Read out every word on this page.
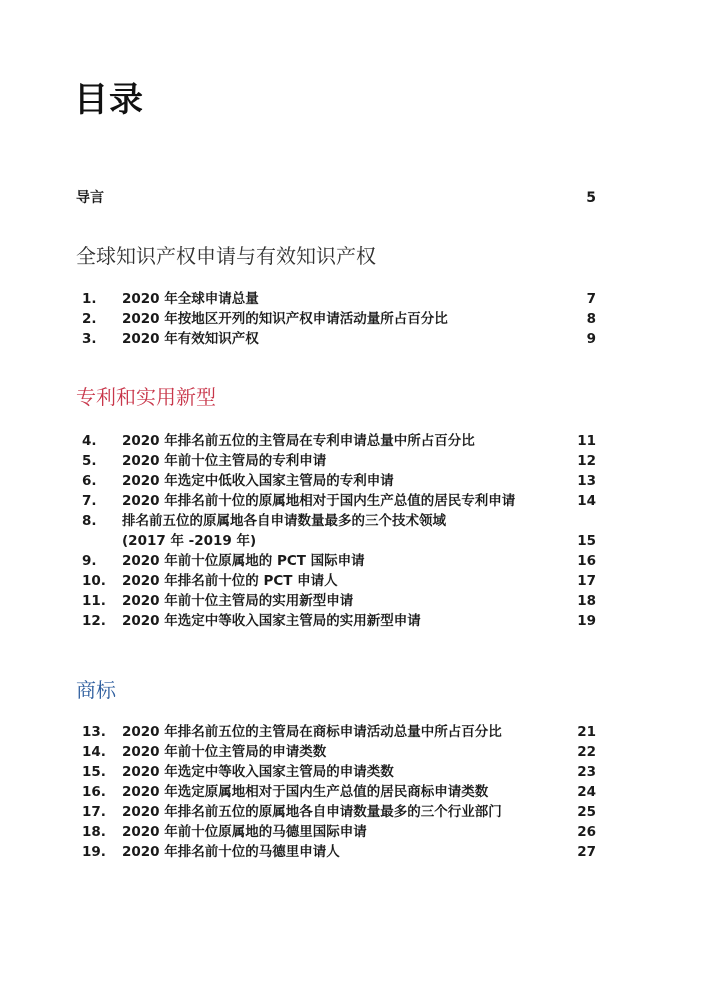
目录
导言	5
全球知识产权申请与有效知识产权
1.	2020 年全球申请总量	7
2.	2020 年按地区开列的知识产权申请活动量所占百分比	8
3.	2020 年有效知识产权	9
专利和实用新型
4.	2020 年排名前五位的主管局在专利申请总量中所占百分比	11
5.	2020 年前十位主管局的专利申请	12
6.	2020 年选定中低收入国家主管局的专利申请	13
7.	2020 年排名前十位的原属地相对于国内生产总值的居民专利申请	14
8.	排名前五位的原属地各自申请数量最多的三个技术领域
(2017 年 -2019 年)	15
9.	2020 年前十位原属地的 PCT 国际申请	16
10.	2020 年排名前十位的 PCT 申请人	17
11.	2020 年前十位主管局的实用新型申请	18
12.	2020 年选定中等收入国家主管局的实用新型申请	19
商标
13.	2020 年排名前五位的主管局在商标申请活动总量中所占百分比	21
14.	2020 年前十位主管局的申请类数	22
15.	2020 年选定中等收入国家主管局的申请类数	23
16.	2020 年选定原属地相对于国内生产总值的居民商标申请类数	24
17.	2020 年排名前五位的原属地各自申请数量最多的三个行业部门	25
18.	2020 年前十位原属地的马德里国际申请	26
19.	2020 年排名前十位的马德里申请人	27
